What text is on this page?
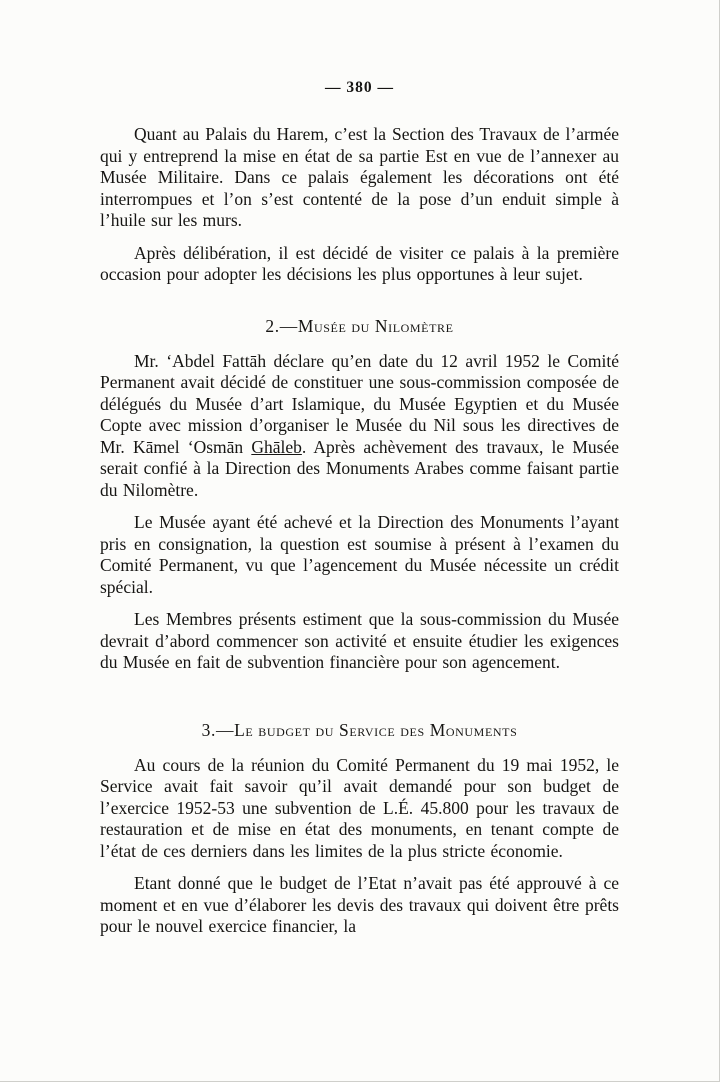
— 380 —

Quant au Palais du Harem, c’est la Section des Travaux de l’armée qui y entreprend la mise en état de sa partie Est en vue de l’annexer au Musée Militaire. Dans ce palais également les décorations ont été interrompues et l’on s’est contenté de la pose d’un enduit simple à l’huile sur les murs.

Après délibération, il est décidé de visiter ce palais à la première occasion pour adopter les décisions les plus opportunes à leur sujet.

2.—Musée du Nilomètre

Mr. ‘Abdel Fattāh déclare qu’en date du 12 avril 1952 le Comité Permanent avait décidé de constituer une sous-commission composée de délégués du Musée d’art Islamique, du Musée Egyptien et du Musée Copte avec mission d’organiser le Musée du Nil sous les directives de Mr. Kāmel ‘Osmān Ghāleb. Après achèvement des travaux, le Musée serait confié à la Direction des Monuments Arabes comme faisant partie du Nilomètre.

Le Musée ayant été achevé et la Direction des Monuments l’ayant pris en consignation, la question est soumise à présent à l’examen du Comité Permanent, vu que l’agencement du Musée nécessite un crédit spécial.

Les Membres présents estiment que la sous-commission du Musée devrait d’abord commencer son activité et ensuite étudier les exigences du Musée en fait de subvention financière pour son agencement.

3.—Le budget du Service des Monuments

Au cours de la réunion du Comité Permanent du 19 mai 1952, le Service avait fait savoir qu’il avait demandé pour son budget de l’exercice 1952-53 une subvention de L.É. 45.800 pour les travaux de restauration et de mise en état des monuments, en tenant compte de l’état de ces derniers dans les limites de la plus stricte économie.

Etant donné que le budget de l’Etat n’avait pas été approuvé à ce moment et en vue d’élaborer les devis des travaux qui doivent être prêts pour le nouvel exercice financier, la
